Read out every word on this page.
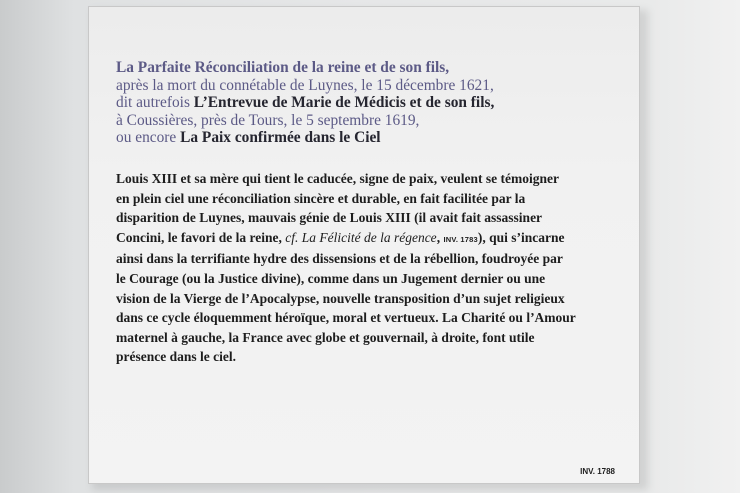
La Parfaite Réconciliation de la reine et de son fils,
après la mort du connétable de Luynes, le 15 décembre 1621,
dit autrefois L’Entrevue de Marie de Médicis et de son fils,
à Coussières, près de Tours, le 5 septembre 1619,
ou encore La Paix confirmée dans le Ciel
Louis XIII et sa mère qui tient le caducée, signe de paix, veulent se témoigner
en plein ciel une réconciliation sincère et durable, en fait facilitée par la
disparition de Luynes, mauvais génie de Louis XIII (il avait fait assassiner
Concini, le favori de la reine, cf. La Félicité de la régence, INV. 1783), qui s’incarne
ainsi dans la terrifiante hydre des dissensions et de la rébellion, foudroyée par
le Courage (ou la Justice divine), comme dans un Jugement dernier ou une
vision de la Vierge de l’Apocalypse, nouvelle transposition d’un sujet religieux
dans ce cycle éloquemment héroïque, moral et vertueux. La Charité ou l’Amour
maternel à gauche, la France avec globe et gouvernail, à droite, font utile
présence dans le ciel.
INV. 1788
